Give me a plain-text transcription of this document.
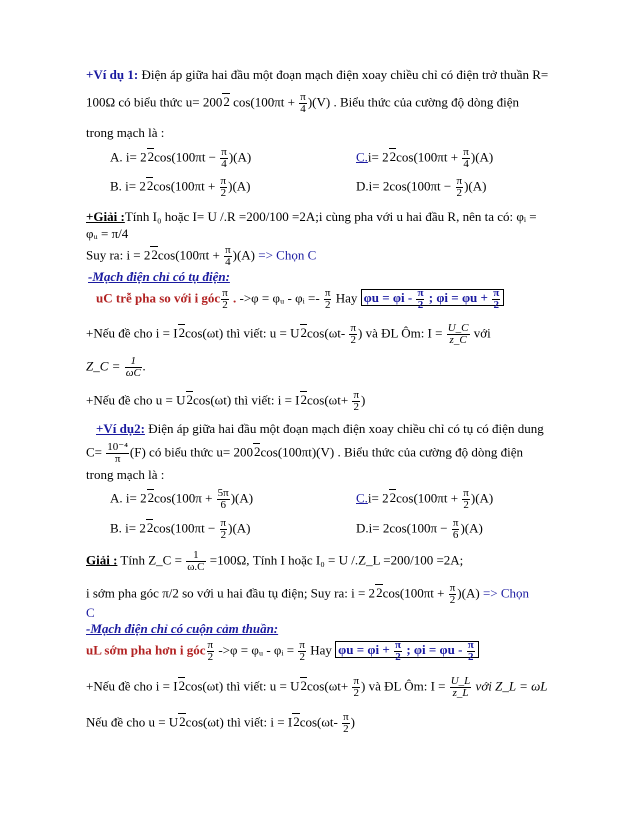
+Ví dụ 1: Điện áp giữa hai đầu một đoạn mạch điện xoay chiều chỉ có điện trở thuần R=
100Ω có biểu thức u= 2002 $\cos(100\pi t + \frac{\pi}{4} )(V)$ . Biểu thức của cường độ dòng điện
trong mạch là :
A. $i= 22\cos(100\pi t - \frac{\pi}{4} )(A)$	$C.i= 22\cos(100\pi t + \frac{\pi}{4} )(A)$
B. $i= 22\cos(100\pi t + \frac{\pi}{2} )(A)$	$D.i= 2\cos(100\pi t - \frac{\pi}{2} )(A)$
+Giải :Tính I₀ hoặc I= U /.R =200/100 =2A;i cùng pha với u hai đầu R, nên ta có: φᵢ =
φᵤ = π/4
Suy ra: $i = 22\cos(100\pi t + \frac{\pi}{4} )(A)$ => Chọn C
-Mạch điện chỉ có tụ điện:
uC trễ pha so với i góc $\frac{\pi}{2}$ . ->φ = φᵤ - φᵢ =- $\frac{\pi}{2}$ Hay $\varphi u = \varphi i - \frac{\pi}{2}$ ; $\varphi i = \varphi u + \frac{\pi}{2}$
+Nếu đề cho i = I2cos(ωt) thì viết: $u = U2\cos(\omega t- \frac{\pi}{2}$ ) và ĐL Ôm: $I = \frac{U\_C}{z\_C}$ với
Z_C = $\frac{1}{\omega C}$ .
+Nếu đề cho u = U2cos(ωt) thì viết: $i = I2\cos(\omega t+ \frac{\pi}{2}$ )
+Ví dụ2: Điện áp giữa hai đầu một đoạn mạch điện xoay chiều chỉ có tụ có điện dung
$C= \frac{\text{10⁻⁴}}{\pi} (F)$ có biểu thức u= 2002cos(100πt)(V) . Biểu thức của cường độ dòng điện
trong mạch là :
A. $i= 22\cos(100\pi + \frac{5\pi}{6} )(A)$	$C.i= 22\cos(100\pi t + \frac{\pi}{2} )(A)$
B. $i= 22\cos(100\pi t - \frac{\pi}{2} )(A)$	$D.i= 2\cos(100\pi - \frac{\pi}{6} )(A)$
Giải : Tính Z_C = $\frac{1}{\omega.C} =100\Omega$, Tính I hoặc I₀ = U /.Z_L =200/100 =2A;
i sớm pha góc π/2 so với u hai đầu tụ điện; Suy ra: $i = 22\cos(100\pi t + \frac{\pi}{2} )(A)$ => Chọn
C
-Mạch điện chỉ có cuộn cảm thuần:
uL sớm pha hơn i góc $\frac{\pi}{2} ->\varphi$ = φᵤ - φᵢ = $\frac{\pi}{2}$ Hay $\varphi u = \varphi i + \frac{\pi}{2}$ ; $\varphi i = \varphi u - \frac{\pi}{2}$
+Nếu đề cho i = I2cos(ωt) thì viết: $u = U2\cos(\omega t+ \frac{\pi}{2}$ ) và ĐL Ôm: $I = \frac{U\_L}{z\_L}$ với Z_L = ωL
Nếu đề cho u = U2cos(ωt) thì viết: $i = I2\cos(\omega t- \frac{\pi}{2}$ )
